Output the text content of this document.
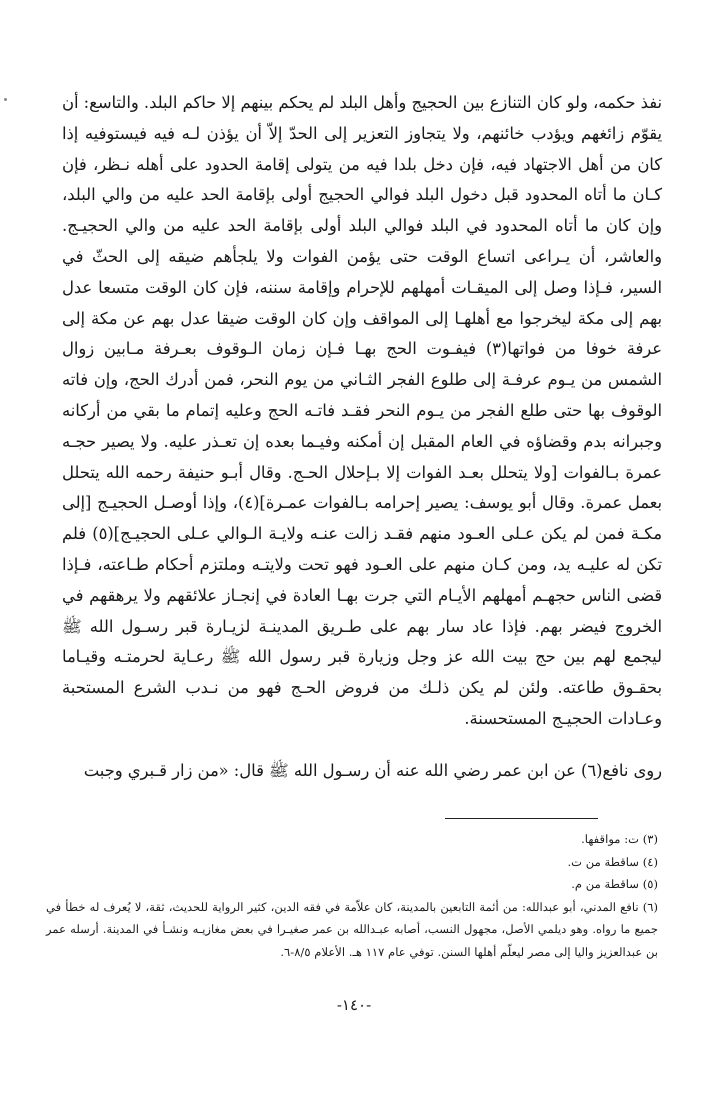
نفذ حكمه، ولو كان التنازع بين الحجيج وأهل البلد لم يحكم بينهم إلا حاكم البلد. والتاسع: أن يقوّم زائغهم ويؤدب خائنهم، ولا يتجاوز التعزير إلى الحدّ إلاّ أن يؤذن لـه فيه فيستوفيه إذا كان من أهل الاجتهاد فيه، فإن دخل بلدا فيه من يتولى إقامة الحدود على أهله نـظر، فإن كـان ما أتاه المحدود قبل دخول البلد فوالي الحجيج أولى بإقامة الحد عليه من والي البلد، وإن كان ما أتاه المحدود في البلد فوالي البلد أولى بإقامة الحد عليه من والي الحجيـج. والعاشر، أن يـراعى اتساع الوقت حتى يؤمن الفوات ولا يلجأهم ضيقه إلى الحثّ في السير، فـإذا وصل إلى الميقـات أمهلهم للإحرام وإقامة سننه، فإن كان الوقت متسعا عدل بهم إلى مكة ليخرجوا مع أهلهـا إلى المواقف وإن كان الوقت ضيقا عدل بهم عن مكة إلى عرفة خوفا من فواتها(٣) فيفـوت الحج بهـا فـإن زمان الـوقوف بعـرفة مـابين زوال الشمس من يـوم عرفـة إلى طلوع الفجر الثـاني من يوم النحر، فمن أدرك الحج، وإن فاته الوقوف بها حتى طلع الفجر من يـوم النحر فقـد فاتـه الحج وعليه إتمام ما بقي من أركانه وجبرانه بدم وقضاؤه في العام المقبل إن أمكنه وفيـما بعده إن تعـذر عليه. ولا يصير حجـه عمرة بـالفوات [ولا يتحلل بعـد الفوات إلا بـإحلال الحـج. وقال أبـو حنيفة رحمه الله يتحلل بعمل عمرة. وقال أبو يوسف: يصير إحرامه بـالفوات عمـرة](٤)، وإذا أوصـل الحجيـج [إلى مكـة فمن لم يكن عـلى العـود منهم فقـد زالت عنـه ولايـة الـوالي عـلى الحجيـج](٥) فلم تكن له عليـه يد، ومن كـان منهم على العـود فهو تحت ولايتـه وملتزم أحكام طـاعته، فـإذا قضى الناس حجهـم أمهلهم الأيـام التي جرت بهـا العادة في إنجـاز علائقهم ولا يرهقهم في الخروج فيضر بهم. فإذا عاد سار بهم على طـريق المدينـة لزيـارة قبر رسـول الله ﷺ ليجمع لهم بين حج بيت الله عز وجل وزيارة قبر رسول الله ﷺ رعـاية لحرمتـه وقيـاما بحقـوق طاعته. ولئن لم يكن ذلـك من فروض الحـج فهو من نـدب الشرع المستحبة وعـادات الحجيـج المستحسنة.

روى نافع(٦) عن ابن عمر رضي الله عنه أن رسـول الله ﷺ قال: «من زار قـبري وجبت

(٣) ت: مواقفها.
(٤) ساقطة من ت.
(٥) ساقطة من م.
(٦) نافع المدني، أبو عبدالله: من أئمة التابعين بالمدينة، كان علاّمة في فقه الدين، كثير الرواية للحديث، ثقة، لا يُعرف له خطأ في جميع ما رواه. وهو ديلمي الأصل، مجهول النسب، أصابه عبـدالله بن عمر صغيـرا في بعض مغازيـه ونشـأ في المدينة. أرسله عمر بن عبدالعزيز واليا إلى مصر ليعلّم أهلها السنن. توفي عام ١١٧ هـ. الأعلام ٨/٥-٦.
-١٤٠-
